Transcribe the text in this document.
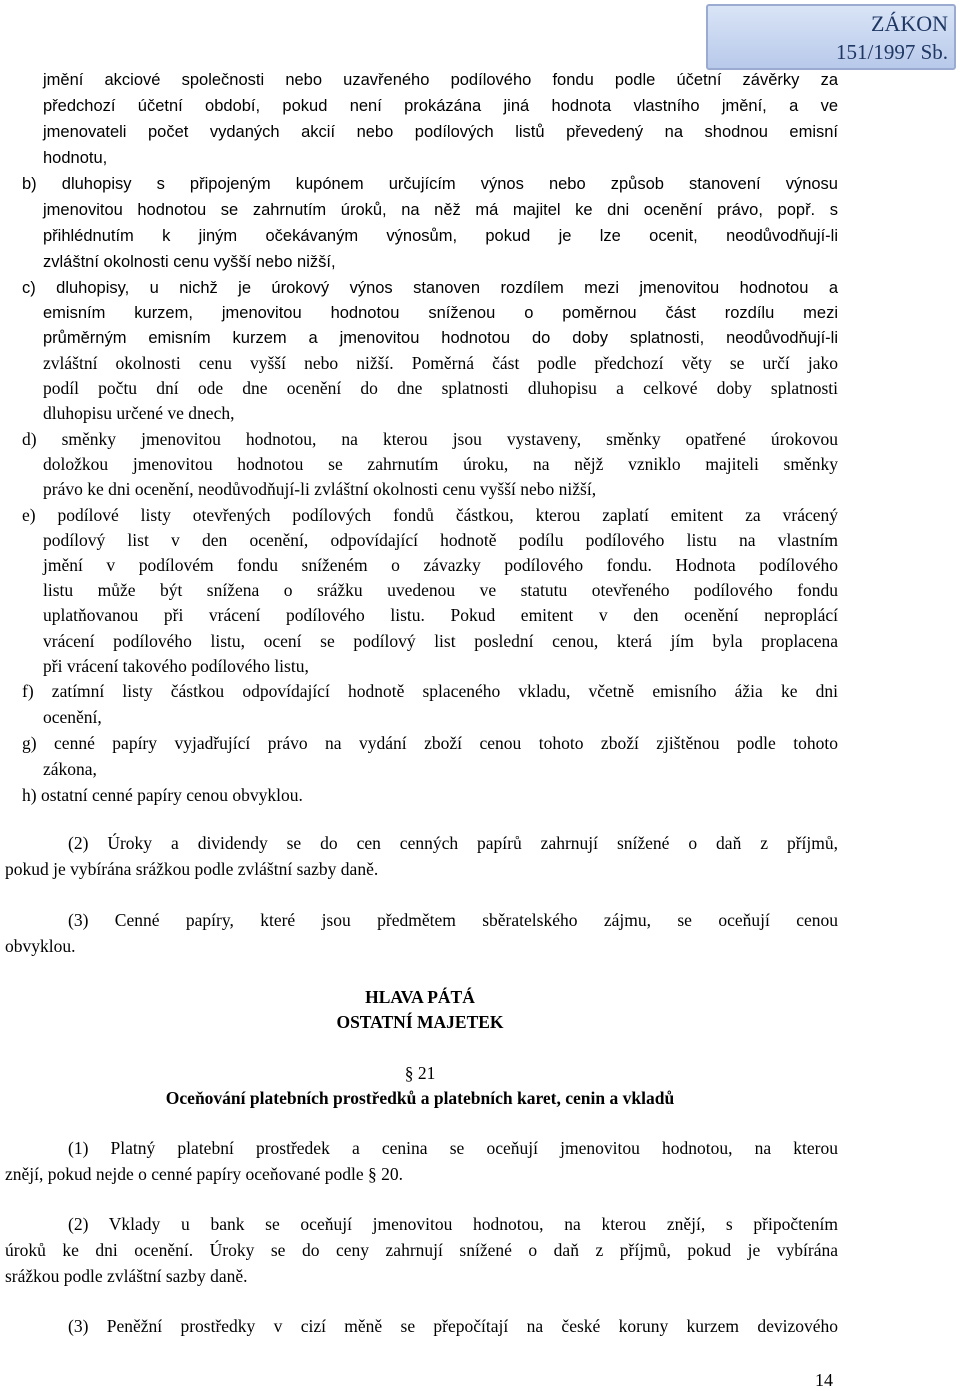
ZÁKON
151/1997 Sb.
jmění akciové společnosti nebo uzavřeného podílového fondu podle účetní závěrky za
předchozí účetní období, pokud není prokázána jiná hodnota vlastního jmění, a ve
jmenovateli počet vydaných akcií nebo podílových listů převedený na shodnou emisní
hodnotu,
b) dluhopisy s připojeným kupónem určujícím výnos nebo způsob stanovení výnosu
jmenovitou hodnotou se zahrnutím úroků, na něž má majitel ke dni ocenění právo, popř. s
přihlédnutím k jiným očekávaným výnosům, pokud je lze ocenit, neodůvodňují-li
zvláštní okolnosti cenu vyšší nebo nižší,
c) dluhopisy, u nichž je úrokový výnos stanoven rozdílem mezi jmenovitou hodnotou a
emisním kurzem, jmenovitou hodnotou sníženou o poměrnou část rozdílu mezi
průměrným emisním kurzem a jmenovitou hodnotou do doby splatnosti, neodůvodňují-li
zvláštní okolnosti cenu vyšší nebo nižší. Poměrná část podle předchozí věty se určí jako
podíl počtu dní ode dne ocenění do dne splatnosti dluhopisu a celkové doby splatnosti
dluhopisu určené ve dnech,
d) směnky jmenovitou hodnotou, na kterou jsou vystaveny, směnky opatřené úrokovou
doložkou jmenovitou hodnotou se zahrnutím úroku, na nějž vzniklo majiteli směnky
právo ke dni ocenění, neodůvodňují-li zvláštní okolnosti cenu vyšší nebo nižší,
e) podílové listy otevřených podílových fondů částkou, kterou zaplatí emitent za vrácený
podílový list v den ocenění, odpovídající hodnotě podílu podílového listu na vlastním
jmění v podílovém fondu sníženém o závazky podílového fondu. Hodnota podílového
listu může být snížena o srážku uvedenou ve statutu otevřeného podílového fondu
uplatňovanou při vrácení podílového listu. Pokud emitent v den ocenění neproplácí
vrácení podílového listu, ocení se podílový list poslední cenou, která jím byla proplacena
při vrácení takového podílového listu,
f) zatímní listy částkou odpovídající hodnotě splaceného vkladu, včetně emisního ážia ke dni
ocenění,
g) cenné papíry vyjadřující právo na vydání zboží cenou tohoto zboží zjištěnou podle tohoto
zákona,
h) ostatní cenné papíry cenou obvyklou.
(2) Úroky a dividendy se do cen cenných papírů zahrnují snížené o daň z příjmů,
pokud je vybírána srážkou podle zvláštní sazby daně.
(3) Cenné papíry, které jsou předmětem sběratelského zájmu, se oceňují cenou
obvyklou.
HLAVA PÁTÁ
OSTATNÍ MAJETEK
§ 21
Oceňování platebních prostředků a platebních karet, cenin a vkladů
(1) Platný platební prostředek a cenina se oceňují jmenovitou hodnotou, na kterou
znějí, pokud nejde o cenné papíry oceňované podle § 20.
(2) Vklady u bank se oceňují jmenovitou hodnotou, na kterou znějí, s připočtením
úroků ke dni ocenění. Úroky se do ceny zahrnují snížené o daň z příjmů, pokud je vybírána
srážkou podle zvláštní sazby daně.
(3) Peněžní prostředky v cizí měně se přepočítají na české koruny kurzem devizového
14
